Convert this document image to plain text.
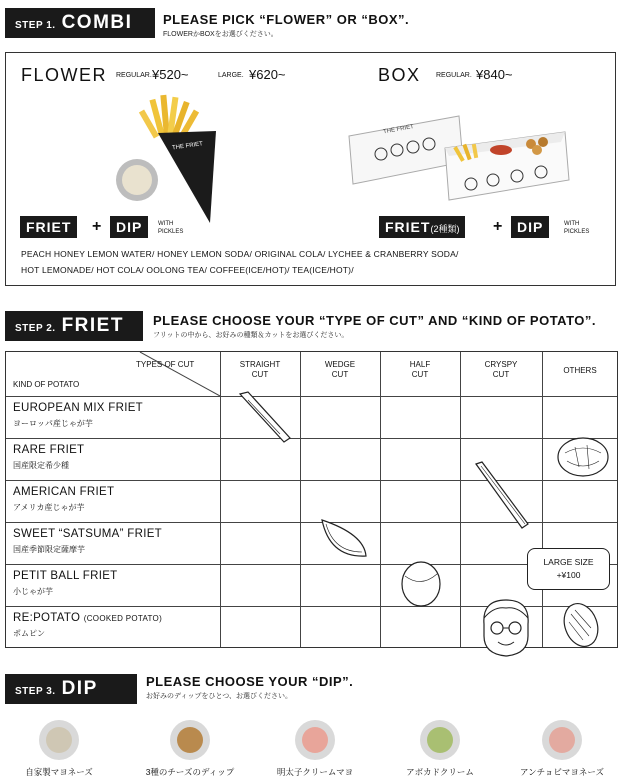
STEP 1. COMBI PLEASE PICK “FLOWER” OR “BOX”.
FLOWERかBOXをお選びください。
FLOWER REGULAR. ¥520~	LARGE. ¥620~
THE FRIET
FRIET	+	DIP	WITH
PICKLES
BOX REGULAR. ¥840~
THE FRIET
FRIET(2種類)	+	DIP	WITH
PICKLES
PEACH HONEY LEMON WATER/ HONEY LEMON SODA/ ORIGINAL COLA/ LYCHEE & CRANBERRY SODA/
HOT LEMONADE/ HOT COLA/ OOLONG TEA/ COFFEE(ICE/HOT)/ TEA(ICE/HOT)/
STEP 2. FRIET PLEASE CHOOSE YOUR “TYPE OF CUT” AND “KIND OF POTATO”.
フリットの中から、お好みの種類＆カットをお選びください。
TYPES OF CUT
KIND OF POTATO
STRAIGHT
CUT
WEDGE
CUT
HALF
CUT
CRYSPY
CUT	OTHERS
EUROPEAN MIX FRIET
ヨーロッパ産じゃが芋
RARE FRIET
国産限定希少種
AMERICAN FRIET
アメリカ産じゃが芋
SWEET “SATSUMA” FRIET
国産季節限定薩摩芋
PETIT BALL FRIET
小じゃが芋
RE:POTATO (COOKED POTATO)
ポムピン
LARGE SIZE
+¥100
STEP 3. DIP	PLEASE CHOOSE YOUR “DIP”.
お好みのディップをひとつ、お選びください。
自家製マヨネーズ	3種のチーズのディップ	明太子クリームマヨ	アボカドクリーム	アンチョビマヨネーズ
